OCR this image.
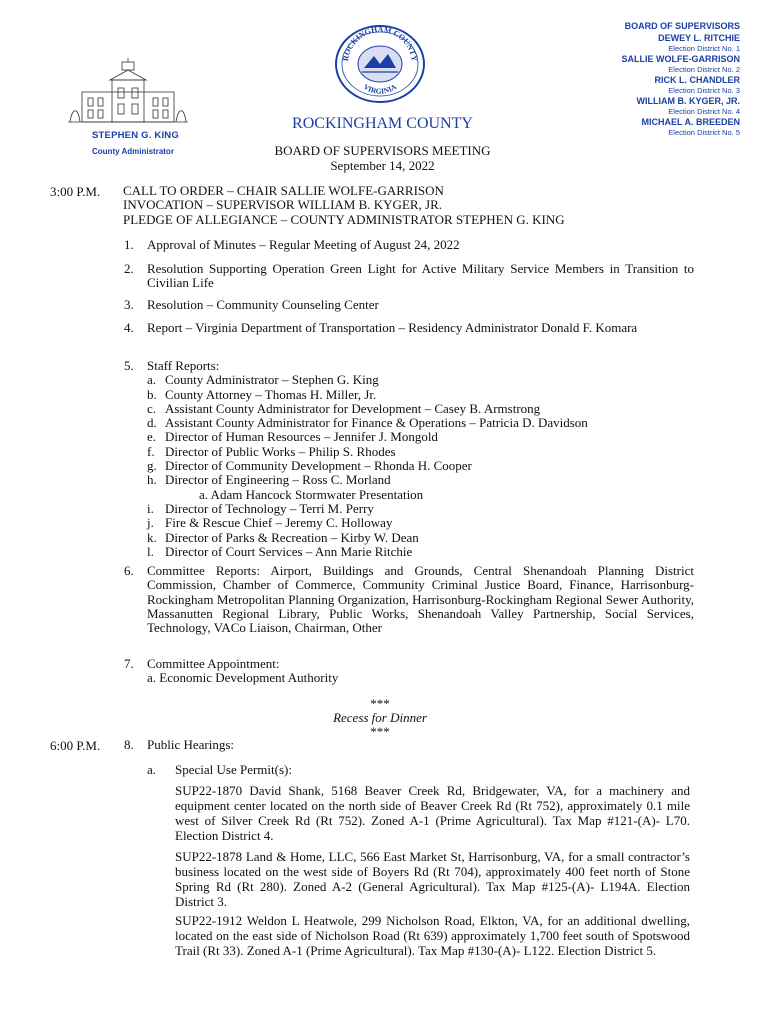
ROCKINGHAM COUNTY
VIRGINIA
STEPHEN G. KING
County Administrator
ROCKINGHAM COUNTY
BOARD OF SUPERVISORS MEETING
September 14, 2022
BOARD OF SUPERVISORS
DEWEY L. RITCHIE
Election District No. 1
SALLIE WOLFE-GARRISON
Election District No. 2
RICK L. CHANDLER
Election District No. 3
WILLIAM B. KYGER, JR.
Election District No. 4
MICHAEL A. BREEDEN
Election District No. 5
3:00 P.M. CALL TO ORDER – CHAIR SALLIE WOLFE-GARRISON
INVOCATION – SUPERVISOR WILLIAM B. KYGER, JR.
PLEDGE OF ALLEGIANCE – COUNTY ADMINISTRATOR STEPHEN G. KING
1. Approval of Minutes – Regular Meeting of August 24, 2022
2. Resolution Supporting Operation Green Light for Active Military Service Members in Transition to Civilian Life
3. Resolution – Community Counseling Center
4. Report – Virginia Department of Transportation – Residency Administrator Donald F. Komara
5. Staff Reports:
a. County Administrator – Stephen G. King
b. County Attorney – Thomas H. Miller, Jr.
c. Assistant County Administrator for Development – Casey B. Armstrong
d. Assistant County Administrator for Finance & Operations – Patricia D. Davidson
e. Director of Human Resources – Jennifer J. Mongold
f. Director of Public Works – Philip S. Rhodes
g. Director of Community Development – Rhonda H. Cooper
h. Director of Engineering – Ross C. Morland
a. Adam Hancock Stormwater Presentation
i. Director of Technology – Terri M. Perry
j. Fire & Rescue Chief – Jeremy C. Holloway
k. Director of Parks & Recreation – Kirby W. Dean
l. Director of Court Services – Ann Marie Ritchie
6. Committee Reports: Airport, Buildings and Grounds, Central Shenandoah Planning District Commission, Chamber of Commerce, Community Criminal Justice Board, Finance, Harrisonburg-Rockingham Metropolitan Planning Organization, Harrisonburg-Rockingham Regional Sewer Authority, Massanutten Regional Library, Public Works, Shenandoah Valley Partnership, Social Services, Technology, VACo Liaison, Chairman, Other
7. Committee Appointment:
a. Economic Development Authority
***
Recess for Dinner
***
6:00 P.M. 8. Public Hearings:
a. Special Use Permit(s):
SUP22-1870 David Shank, 5168 Beaver Creek Rd, Bridgewater, VA, for a machinery and equipment center located on the north side of Beaver Creek Rd (Rt 752), approximately 0.1 mile west of Silver Creek Rd (Rt 752). Zoned A-1 (Prime Agricultural). Tax Map #121-(A)- L70. Election District 4.
SUP22-1878 Land & Home, LLC, 566 East Market St, Harrisonburg, VA, for a small contractor’s business located on the west side of Boyers Rd (Rt 704), approximately 400 feet north of Stone Spring Rd (Rt 280). Zoned A-2 (General Agricultural). Tax Map #125-(A)- L194A. Election District 3.
SUP22-1912 Weldon L Heatwole, 299 Nicholson Road, Elkton, VA, for an additional dwelling, located on the east side of Nicholson Road (Rt 639) approximately 1,700 feet south of Spotswood Trail (Rt 33). Zoned A-1 (Prime Agricultural). Tax Map #130-(A)- L122. Election District 5.
